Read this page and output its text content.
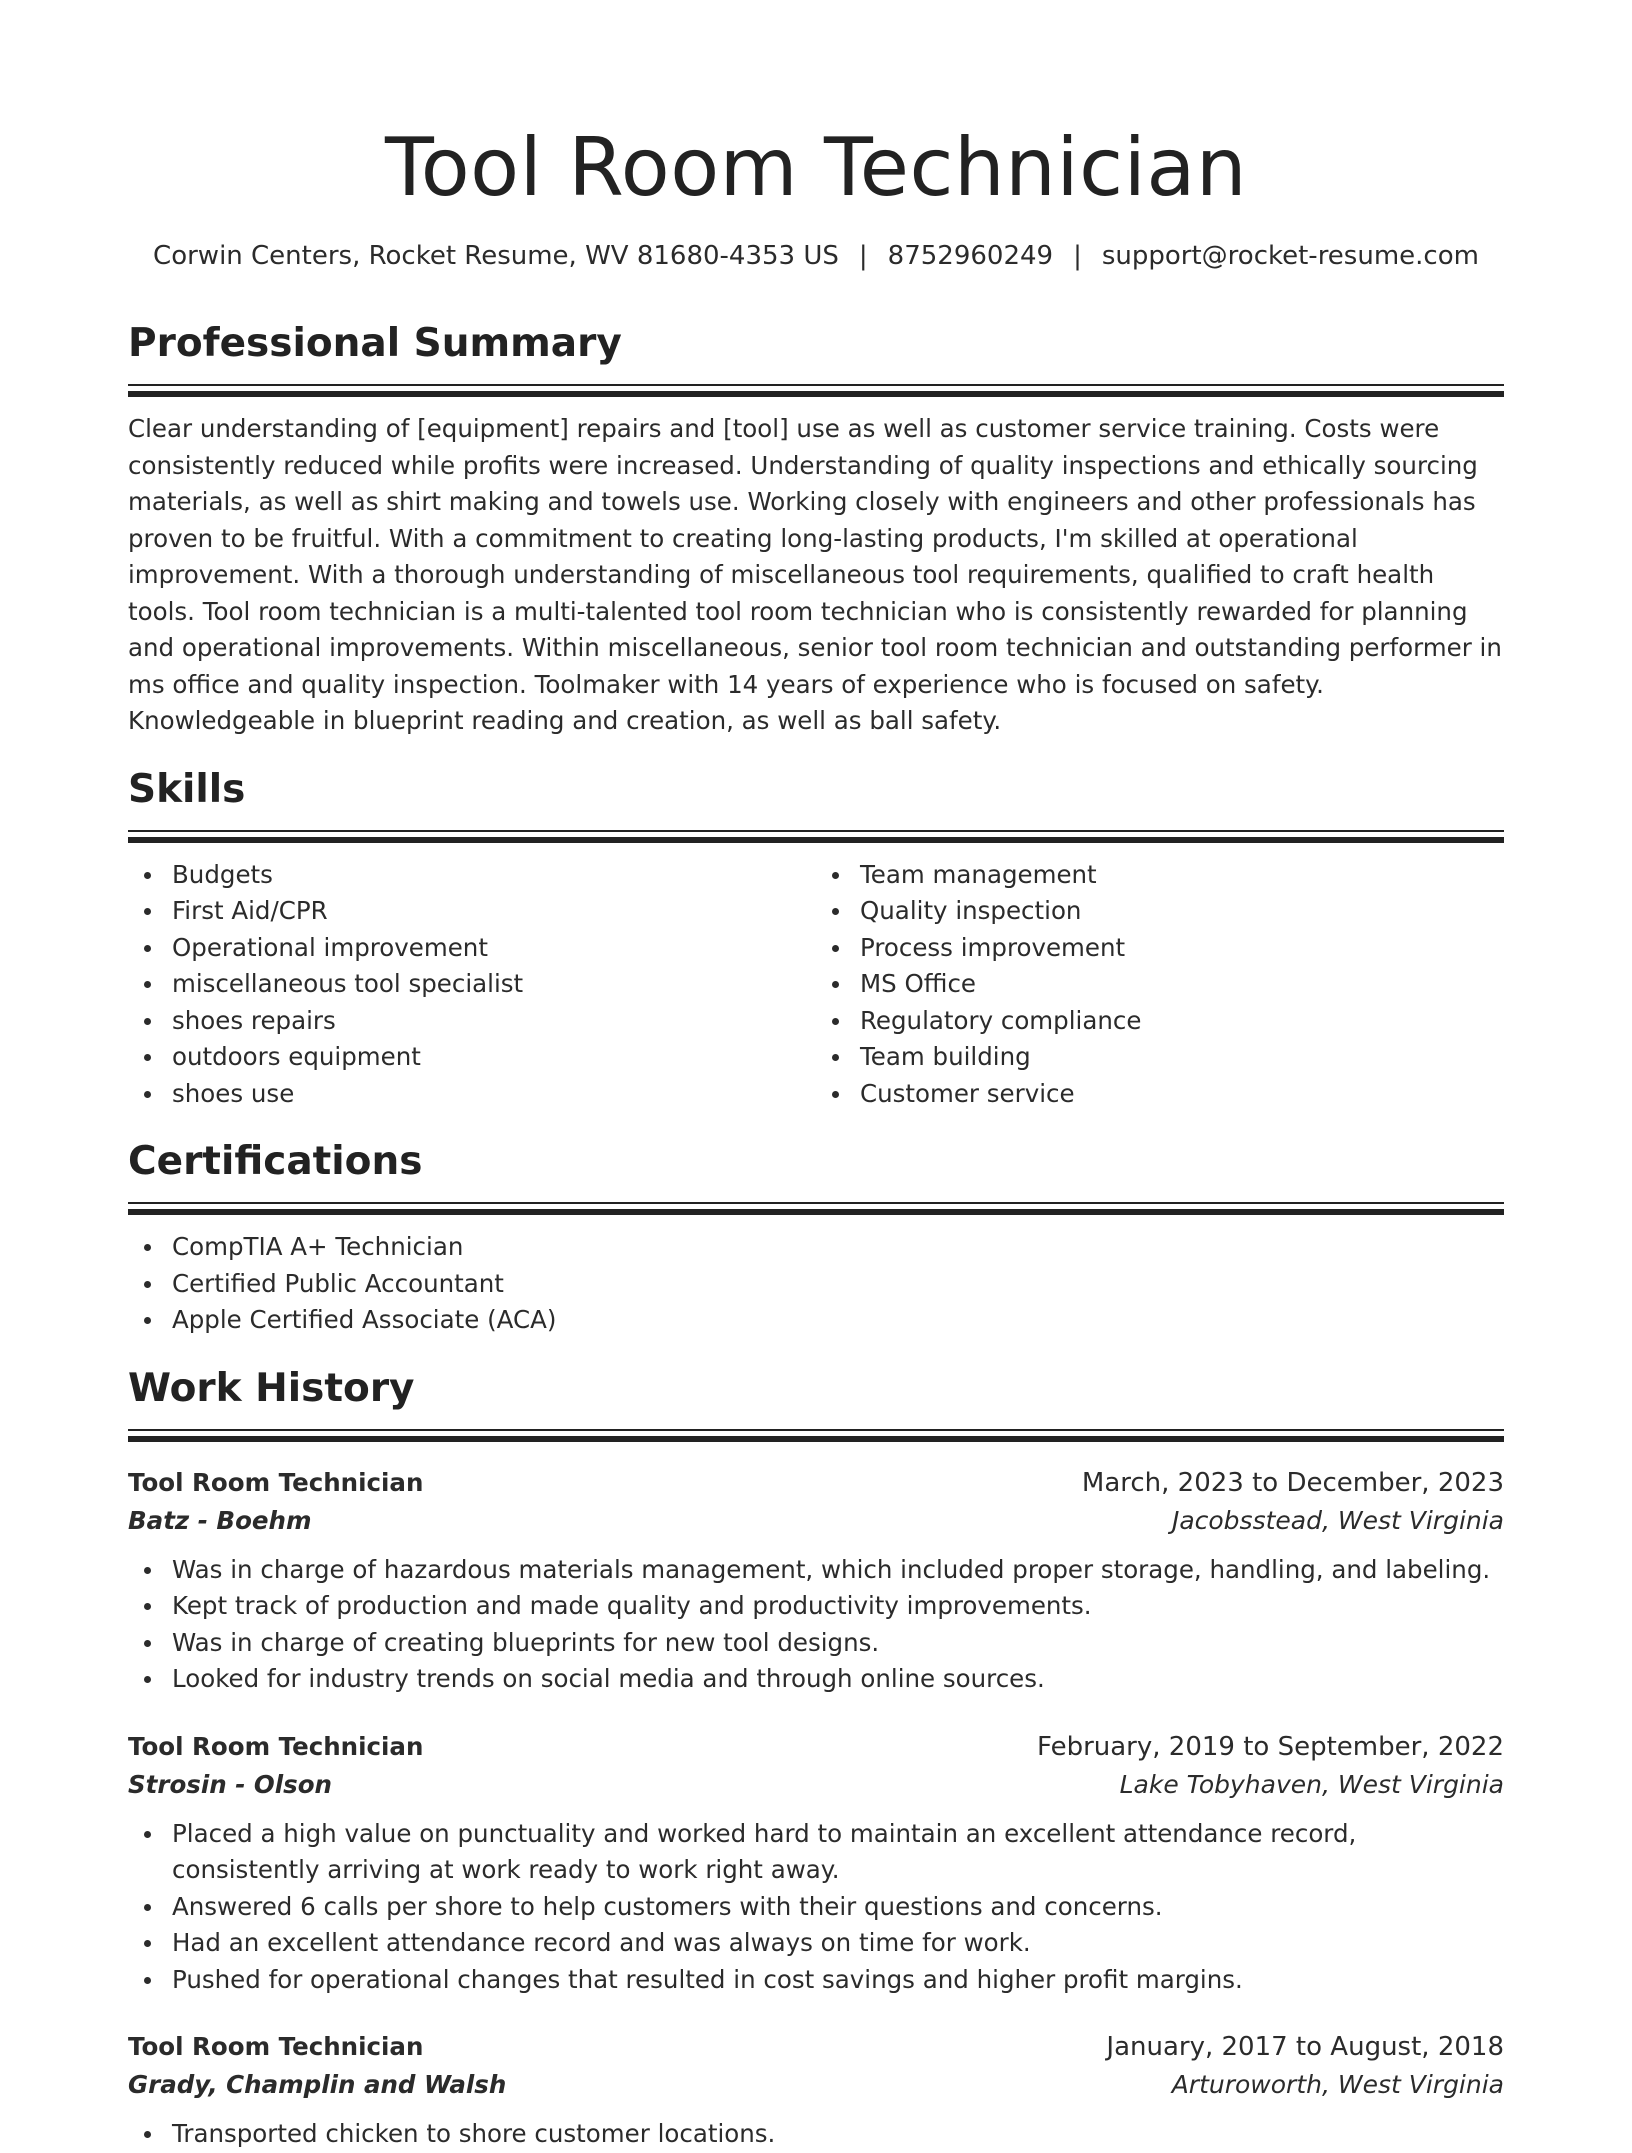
Tool Room Technician
Corwin Centers, Rocket Resume, WV 81680-4353 US | 8752960249 | support@rocket-resume.com
Professional Summary

Clear understanding of [equipment] repairs and [tool] use as well as customer service training. Costs were consistently reduced while profits were increased. Understanding of quality inspections and ethically sourcing materials, as well as shirt making and towels use. Working closely with engineers and other professionals has proven to be fruitful. With a commitment to creating long-lasting products, I'm skilled at operational improvement. With a thorough understanding of miscellaneous tool requirements, qualified to craft health tools. Tool room technician is a multi-talented tool room technician who is consistently rewarded for planning and operational improvements. Within miscellaneous, senior tool room technician and outstanding performer in ms office and quality inspection. Toolmaker with 14 years of experience who is focused on safety. Knowledgeable in blueprint reading and creation, as well as ball safety.

Skills
Budgets
First Aid/CPR
Operational improvement
miscellaneous tool specialist
shoes repairs
outdoors equipment
shoes use
Team management
Quality inspection
Process improvement
MS Office
Regulatory compliance
Team building
Customer service
Certifications
CompTIA A+ Technician
Certified Public Accountant
Apple Certified Associate (ACA)
Work History
Tool Room Technician	March, 2023 to December, 2023
Batz - Boehm	Jacobsstead, West Virginia
Was in charge of hazardous materials management, which included proper storage, handling, and labeling.
Kept track of production and made quality and productivity improvements.
Was in charge of creating blueprints for new tool designs.
Looked for industry trends on social media and through online sources.
Tool Room Technician	February, 2019 to September, 2022
Strosin - Olson	Lake Tobyhaven, West Virginia
Placed a high value on punctuality and worked hard to maintain an excellent attendance record, consistently arriving at work ready to work right away.
Answered 6 calls per shore to help customers with their questions and concerns.
Had an excellent attendance record and was always on time for work.
Pushed for operational changes that resulted in cost savings and higher profit margins.
Tool Room Technician	January, 2017 to August, 2018
Grady, Champlin and Walsh	Arturoworth, West Virginia
Transported chicken to shore customer locations.
